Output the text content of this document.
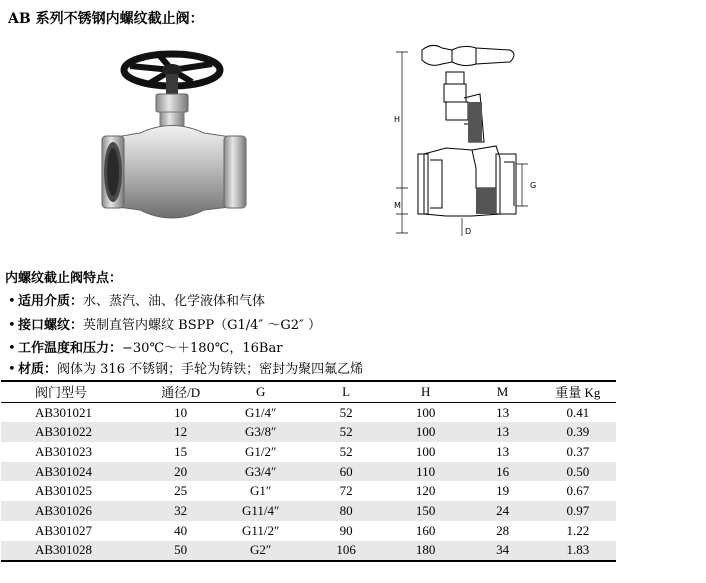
AB 系列不锈钢内螺纹截止阀：
H
M
G
D
内螺纹截止阀特点：
• 适用介质：水、蒸汽、油、化学液体和气体
• 接口螺纹：英制直管内螺纹 BSPP（G1/4″ ～G2″ ）
• 工作温度和压力：−30℃～＋180℃，16Bar
• 材质：阀体为 316 不锈钢；手轮为铸铁；密封为聚四氟乙烯
阀门型号	通径/D	G	L	H	M	重量 Kg
AB301021	10	G1/4″	52	100	13	0.41
AB301022	12	G3/8″	52	100	13	0.39
AB301023	15	G1/2″	52	100	13	0.37
AB301024	20	G3/4″	60	110	16	0.50
AB301025	25	G1″	72	120	19	0.67
AB301026	32	G11/4″	80	150	24	0.97
AB301027	40	G11/2″	90	160	28	1.22
AB301028	50	G2″	106	180	34	1.83
